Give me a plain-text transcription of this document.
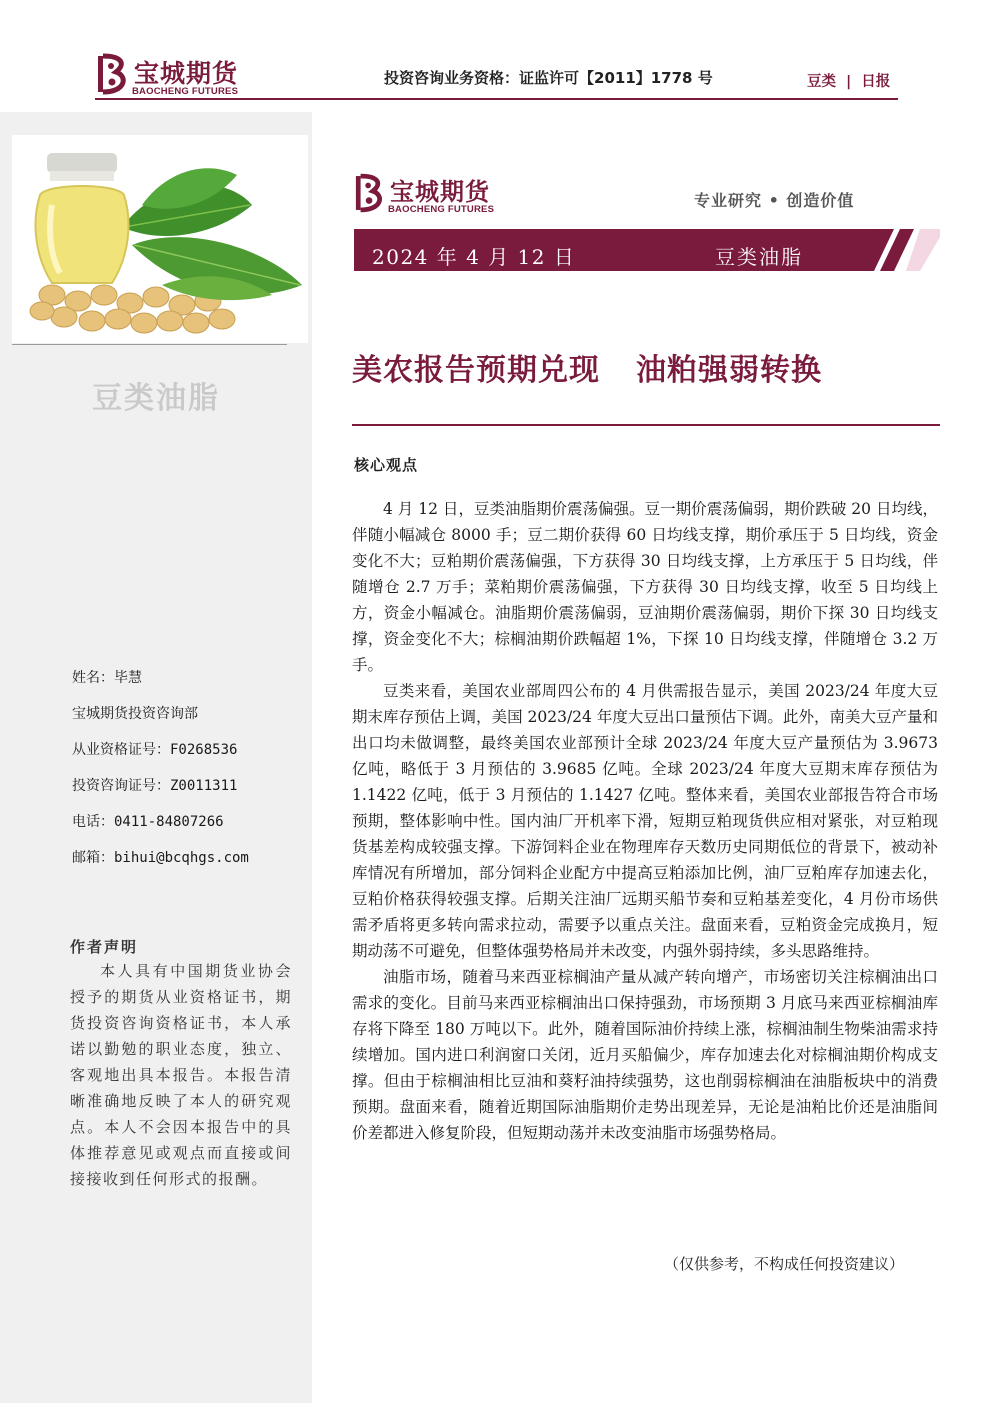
宝城期货
BAOCHENG FUTURES
投资咨询业务资格：证监许可【2011】1778 号	豆类 | 日报
豆类油脂
姓名：毕慧
宝城期货投资咨询部
从业资格证号：F0268536
投资咨询证号：Z0011311
电话：0411-84807266
邮箱：bihui@bcqhgs.com
作者声明
本人具有中国期货业协会授予的期货从业资格证书，期货投资咨询资格证书，本人承诺以勤勉的职业态度，独立、客观地出具本报告。本报告清晰准确地反映了本人的研究观点。本人不会因本报告中的具体推荐意见或观点而直接或间接接收到任何形式的报酬。
宝城期货
BAOCHENG FUTURES	专业研究 • 创造价值
2024 年 4 月 12 日	豆类油脂
美农报告预期兑现 油粕强弱转换
核心观点

4 月 12 日，豆类油脂期价震荡偏强。豆一期价震荡偏弱，期价跌破 20 日均线，伴随小幅减仓 8000 手；豆二期价获得 60 日均线支撑，期价承压于 5 日均线，资金变化不大；豆粕期价震荡偏强，下方获得 30 日均线支撑，上方承压于 5 日均线，伴随增仓 2.7 万手；菜粕期价震荡偏强，下方获得 30 日均线支撑，收至 5 日均线上方，资金小幅减仓。油脂期价震荡偏弱，豆油期价震荡偏弱，期价下探 30 日均线支撑，资金变化不大；棕榈油期价跌幅超 1%，下探 10 日均线支撑，伴随增仓 3.2 万手。

豆类来看，美国农业部周四公布的 4 月供需报告显示，美国 2023/24 年度大豆期末库存预估上调，美国 2023/24 年度大豆出口量预估下调。此外，南美大豆产量和出口均未做调整，最终美国农业部预计全球 2023/24 年度大豆产量预估为 3.9673 亿吨，略低于 3 月预估的 3.9685 亿吨。全球 2023/24 年度大豆期末库存预估为 1.1422 亿吨，低于 3 月预估的 1.1427 亿吨。整体来看，美国农业部报告符合市场预期，整体影响中性。国内油厂开机率下滑，短期豆粕现货供应相对紧张，对豆粕现货基差构成较强支撑。下游饲料企业在物理库存天数历史同期低位的背景下，被动补库情况有所增加，部分饲料企业配方中提高豆粕添加比例，油厂豆粕库存加速去化，豆粕价格获得较强支撑。后期关注油厂远期买船节奏和豆粕基差变化，4 月份市场供需矛盾将更多转向需求拉动，需要予以重点关注。盘面来看，豆粕资金完成换月，短期动荡不可避免，但整体强势格局并未改变，内强外弱持续，多头思路维持。

油脂市场，随着马来西亚棕榈油产量从减产转向增产，市场密切关注棕榈油出口需求的变化。目前马来西亚棕榈油出口保持强劲，市场预期 3 月底马来西亚棕榈油库存将下降至 180 万吨以下。此外，随着国际油价持续上涨，棕榈油制生物柴油需求持续增加。国内进口利润窗口关闭，近月买船偏少，库存加速去化对棕榈油期价构成支撑。但由于棕榈油相比豆油和葵籽油持续强势，这也削弱棕榈油在油脂板块中的消费预期。盘面来看，随着近期国际油脂期价走势出现差异，无论是油粕比价还是油脂间价差都进入修复阶段，但短期动荡并未改变油脂市场强势格局。

（仅供参考，不构成任何投资建议）
